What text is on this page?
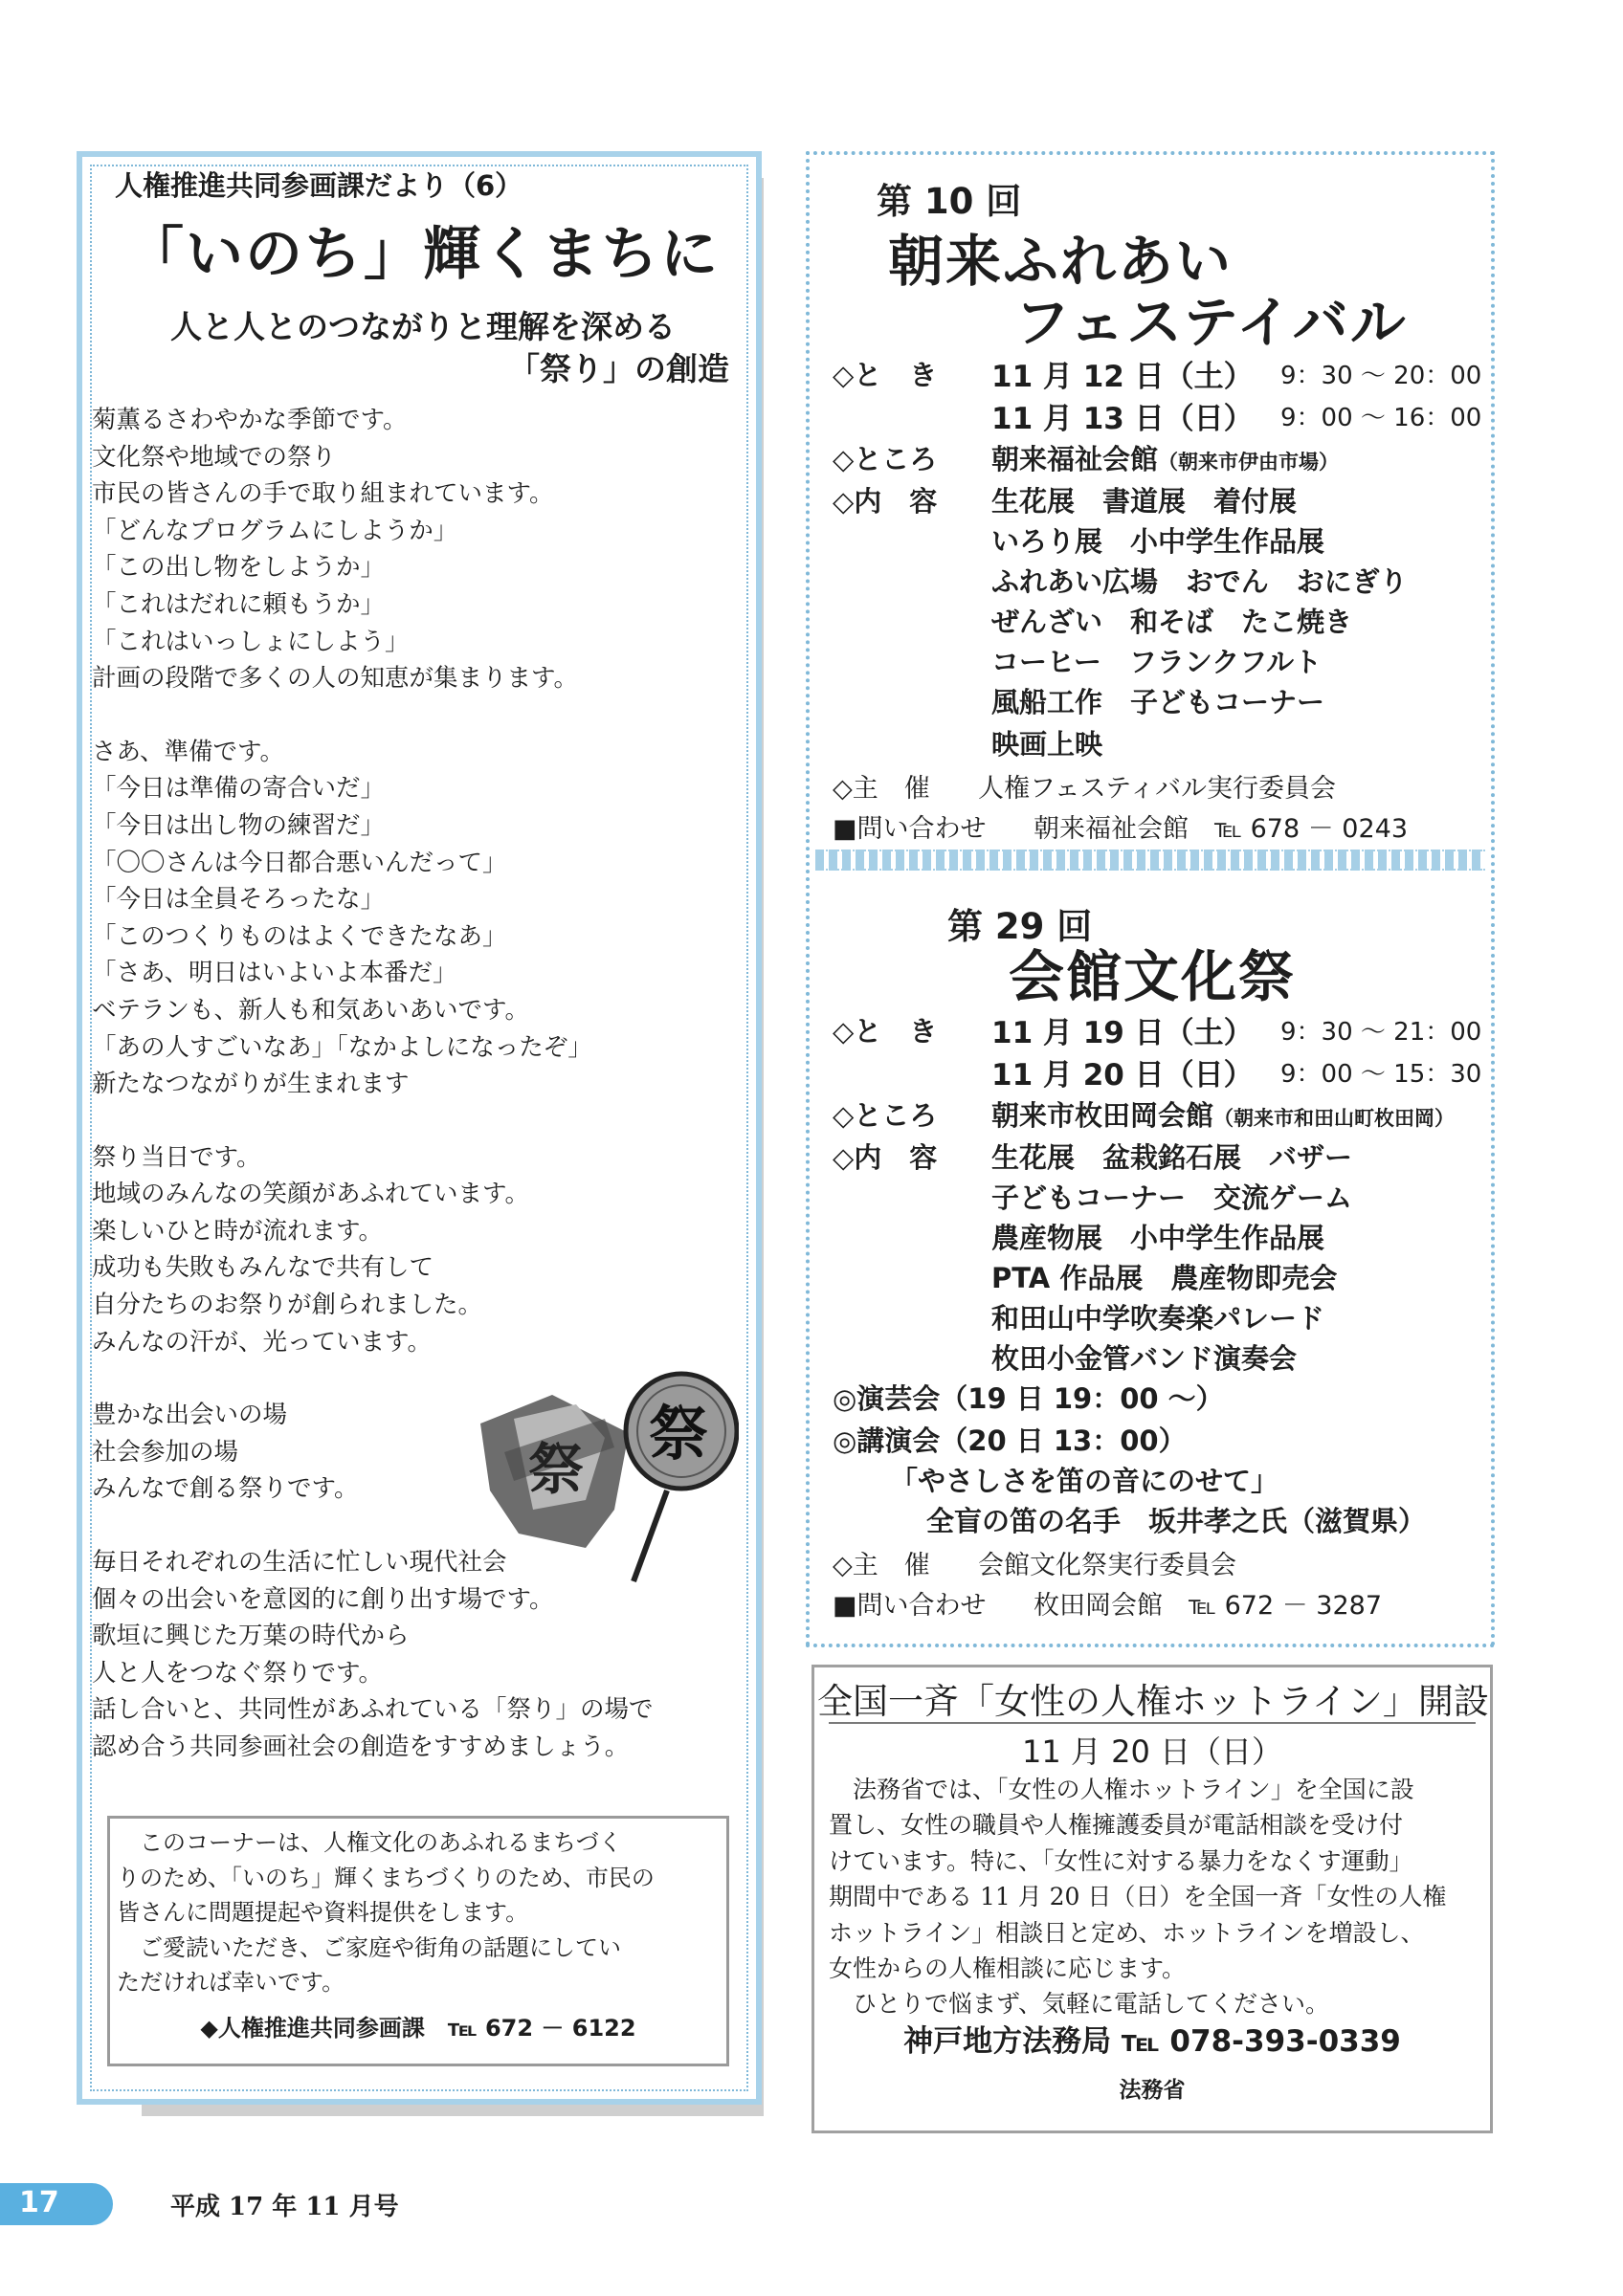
人権推進共同参画課だより（6）
「いのち」輝くまちに
人と人とのつながりと理解を深める
「祭り」の創造
菊薫るさわやかな季節です。
文化祭や地域での祭り
市民の皆さんの手で取り組まれています。
「どんなプログラムにしようか」
「この出し物をしようか」
「これはだれに頼もうか」
「これはいっしょにしよう」
計画の段階で多くの人の知恵が集まります。
さあ、準備です。
「今日は準備の寄合いだ」
「今日は出し物の練習だ」
「〇〇さんは今日都合悪いんだって」
「今日は全員そろったな」
「このつくりものはよくできたなあ」
「さあ、明日はいよいよ本番だ」
ベテランも、新人も和気あいあいです。
「あの人すごいなあ」「なかよしになったぞ」
新たなつながりが生まれます
祭り当日です。
地域のみんなの笑顔があふれています。
楽しいひと時が流れます。
成功も失敗もみんなで共有して
自分たちのお祭りが創られました。
みんなの汗が、光っています。
豊かな出会いの場
社会参加の場
みんなで創る祭りです。
毎日それぞれの生活に忙しい現代社会
個々の出会いを意図的に創り出す場です。
歌垣に興じた万葉の時代から
人と人をつなぐ祭りです。
話し合いと、共同性があふれている「祭り」の場で
認め合う共同参画社会の創造をすすめましょう。
祭
祭
　このコーナーは、人権文化のあふれるまちづく
りのため、「いのち」輝くまちづくりのため、市民の
皆さんに問題提起や資料提供をします。
　ご愛読いただき、ご家庭や街角の話題にしてい
ただければ幸いです。
◆人権推進共同参画課　℡ 672 － 6122
第 10 回
朝来ふれあい
フェステイバル
◇と　き 11 月 12 日（土） 9：30 ～ 20：00
11 月 13 日（日） 9：00 ～ 16：00
◇ところ 朝来福祉会館（朝来市伊由市場）
◇内　容 生花展　書道展　着付展
いろり展　小中学生作品展
ふれあい広場　おでん　おにぎり
ぜんざい　和そば　たこ焼き
コーヒー　フランクフルト
風船工作　子どもコーナー
映画上映
◇主　催 人権フェスティバル実行委員会
■問い合わせ 朝来福祉会館　℡ 678 － 0243
第 29 回
会館文化祭
◇と　き 11 月 19 日（土） 9：30 ～ 21：00
11 月 20 日（日） 9：00 ～ 15：30
◇ところ 朝来市枚田岡会館（朝来市和田山町枚田岡）
◇内　容 生花展　盆栽銘石展　バザー
子どもコーナー　交流ゲーム
農産物展　小中学生作品展
PTA 作品展　農産物即売会
和田山中学吹奏楽パレード
枚田小金管バンド演奏会
◎演芸会（19 日 19：00 ～）
◎講演会（20 日 13：00）
「やさしさを笛の音にのせて」
全盲の笛の名手　坂井孝之氏（滋賀県）
◇主　催 会館文化祭実行委員会
■問い合わせ 枚田岡会館　℡ 672 － 3287
全国一斉「女性の人権ホットライン」開設
11 月 20 日（日）
　法務省では、「女性の人権ホットライン」を全国に設
置し、女性の職員や人権擁護委員が電話相談を受け付
けています。特に、「女性に対する暴力をなくす運動」
期間中である 11 月 20 日（日）を全国一斉「女性の人権
ホットライン」相談日と定め、ホットラインを増設し、
女性からの人権相談に応じます。
　ひとりで悩まず、気軽に電話してください。
神戸地方法務局 ℡ 078-393-0339
法務省
17	平成 17 年 11 月号
